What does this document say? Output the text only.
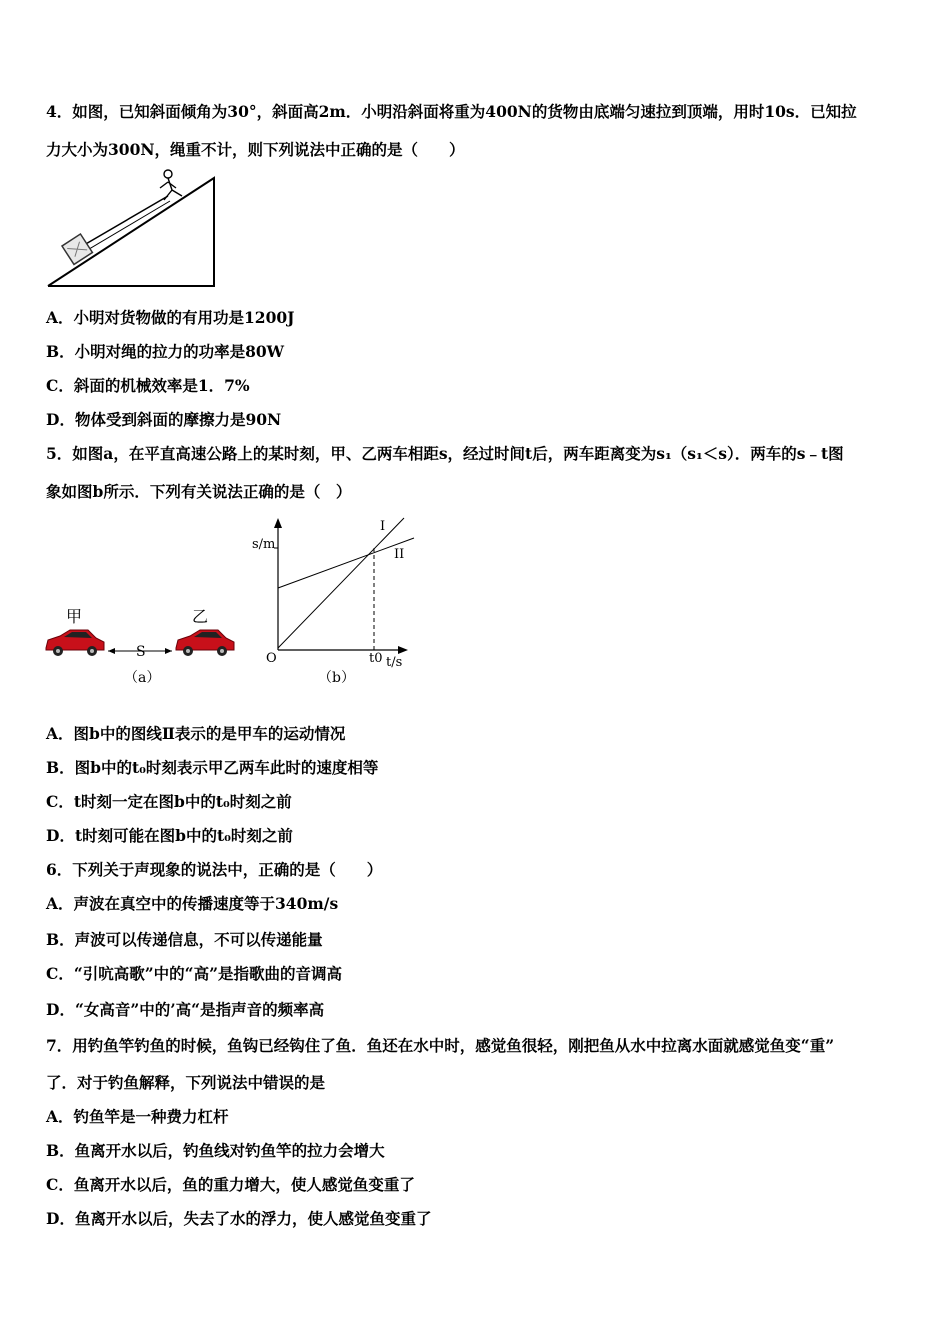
4．如图，已知斜面倾角为30°，斜面高2m．小明沿斜面将重为400N的货物由底端匀速拉到顶端，用时10s．已知拉
力大小为300N，绳重不计，则下列说法中正确的是（　　）
A．小明对货物做的有用功是1200J
B．小明对绳的拉力的功率是80W
C．斜面的机械效率是1．7%
D．物体受到斜面的摩擦力是90N
5．如图a，在平直高速公路上的某时刻，甲、乙两车相距s，经过时间t后，两车距离变为s₁（s₁＜s）．两车的s﹣t图
象如图b所示．下列有关说法正确的是（　）
甲	乙
S
（a）
s/m
I
II
O	t0 t/s
（b）
A．图b中的图线Ⅱ表示的是甲车的运动情况
B．图b中的t₀时刻表示甲乙两车此时的速度相等
C．t时刻一定在图b中的t₀时刻之前
D．t时刻可能在图b中的t₀时刻之前
6．下列关于声现象的说法中，正确的是（　　）
A．声波在真空中的传播速度等于340m/s
B．声波可以传递信息，不可以传递能量
C．“引吭高歌”中的“高”是指歌曲的音调高
D．“女高音”中的’高“是指声音的频率高
7．用钓鱼竿钓鱼的时候，鱼钩已经钩住了鱼．鱼还在水中时，感觉鱼很轻，刚把鱼从水中拉离水面就感觉鱼变“重”
了．对于钓鱼解释，下列说法中错误的是
A．钓鱼竿是一种费力杠杆
B．鱼离开水以后，钓鱼线对钓鱼竿的拉力会增大
C．鱼离开水以后，鱼的重力增大，使人感觉鱼变重了
D．鱼离开水以后，失去了水的浮力，使人感觉鱼变重了
